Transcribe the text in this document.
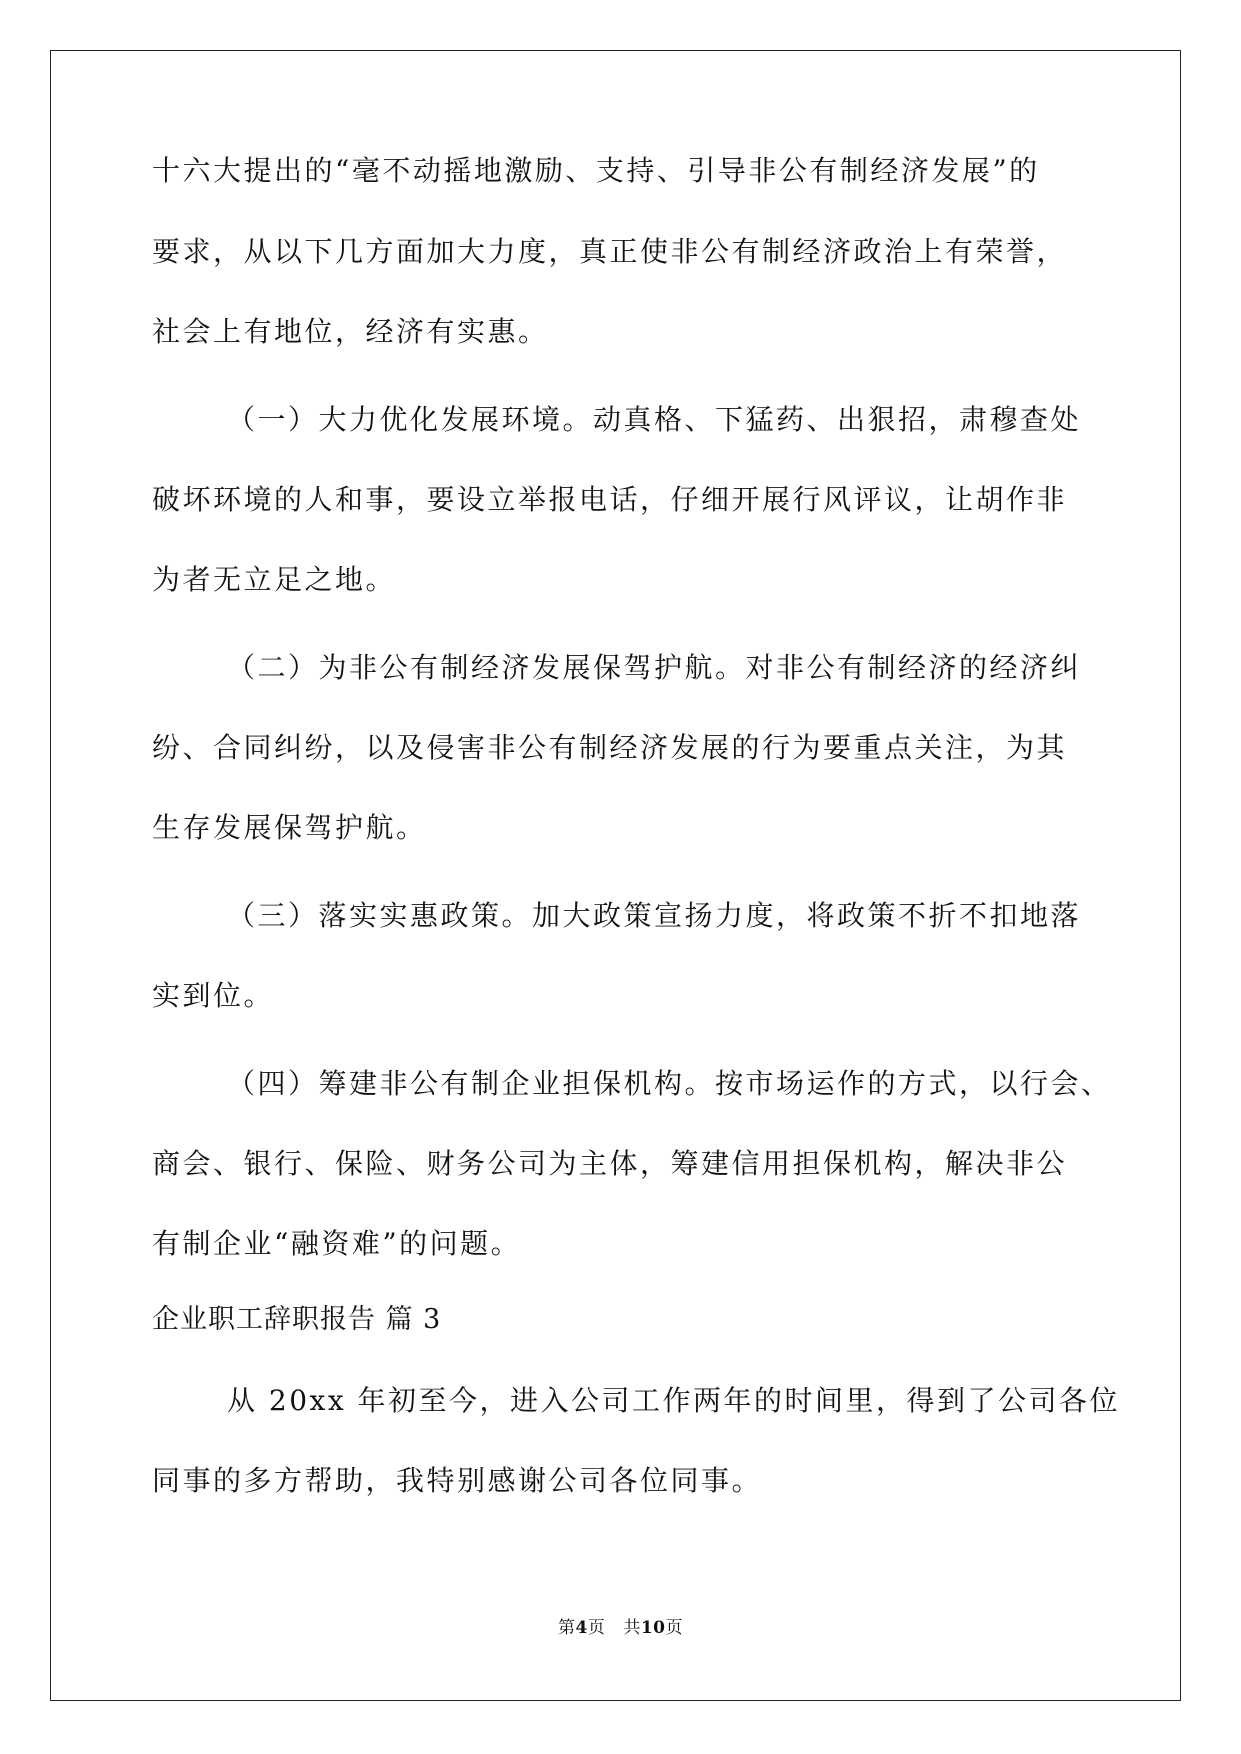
十六大提出的“毫不动摇地激励、支持、引导非公有制经济发展”的

要求，从以下几方面加大力度，真正使非公有制经济政治上有荣誉，

社会上有地位，经济有实惠。

（一）大力优化发展环境。动真格、下猛药、出狠招，肃穆查处

破坏环境的人和事，要设立举报电话，仔细开展行风评议，让胡作非

为者无立足之地。

（二）为非公有制经济发展保驾护航。对非公有制经济的经济纠

纷、合同纠纷，以及侵害非公有制经济发展的行为要重点关注，为其

生存发展保驾护航。

（三）落实实惠政策。加大政策宣扬力度，将政策不折不扣地落

实到位。

（四）筹建非公有制企业担保机构。按市场运作的方式，以行会、

商会、银行、保险、财务公司为主体，筹建信用担保机构，解决非公

有制企业“融资难”的问题。

企业职工辞职报告 篇 3

从 20xx 年初至今，进入公司工作两年的时间里，得到了公司各位

同事的多方帮助，我特别感谢公司各位同事。

第4页 共10页
